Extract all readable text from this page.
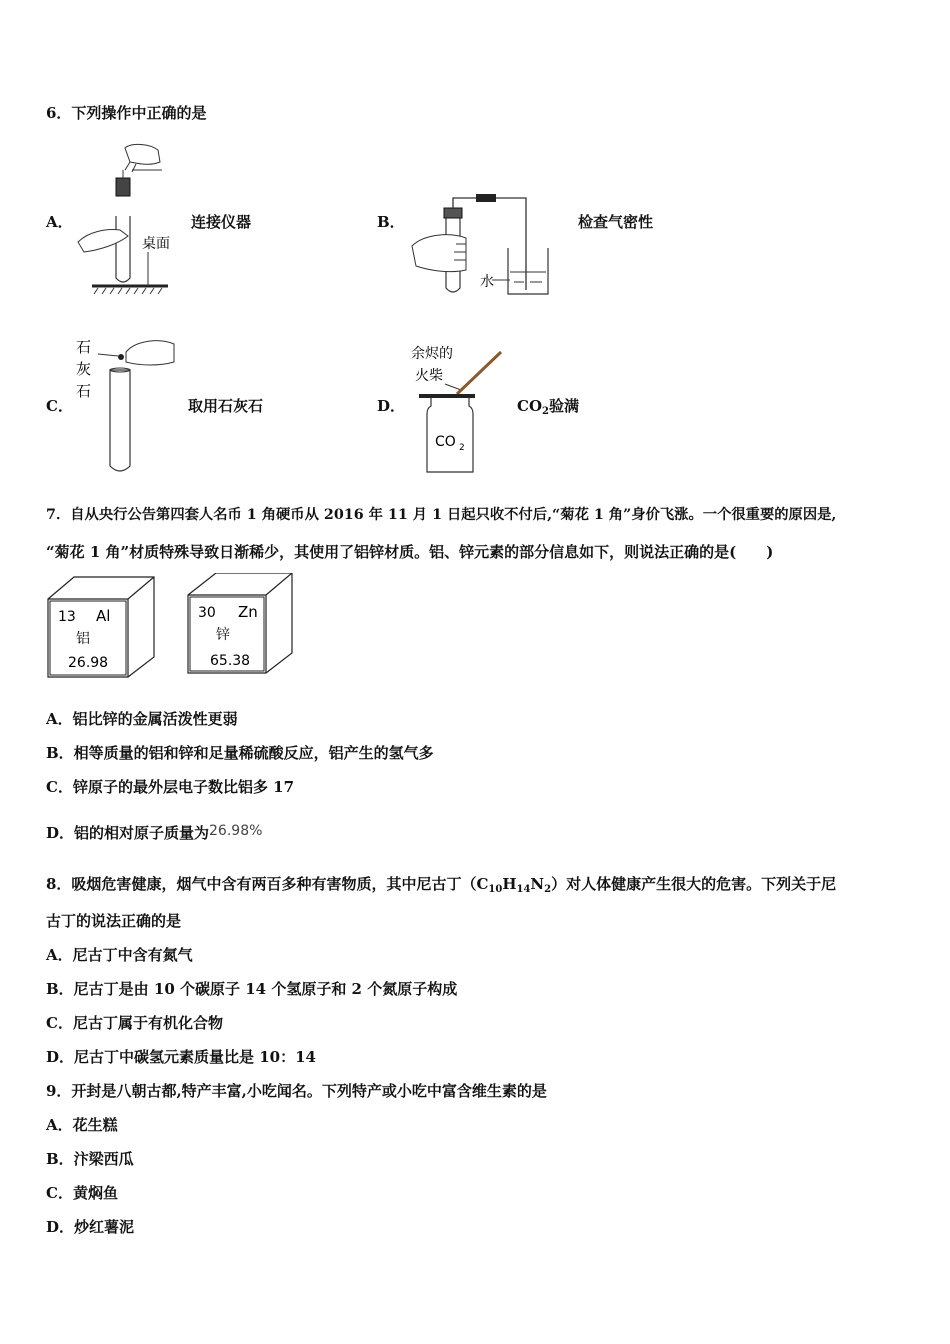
6．下列操作中正确的是
A．
桌面
连接仪器	B．
水
检查气密性
C．
石
灰
石
取用石灰石	D．
余烬的
火柴
CO 2
$CO_2$验满
7．自从央行公告第四套人名币 1 角硬币从 2016 年 11 月 1 日起只收不付后,“菊花 1 角”身价飞涨。一个很重要的原因是,
“菊花 1 角”材质特殊导致日渐稀少，其使用了铝锌材质。铝、锌元素的部分信息如下，则说法正确的是(　　)
13 Al
铝
26.98
30 Zn
锌
65.38
A．铝比锌的金属活泼性更弱
B．相等质量的铝和锌和足量稀硫酸反应，铝产生的氢气多
C．锌原子的最外层电子数比铝多 17
D．铝的相对原子质量为26.98%
8．吸烟危害健康，烟气中含有两百多种有害物质，其中尼古丁$(C_{10}H_{14}N_2)$对人体健康产生很大的危害。下列关于尼
古丁的说法正确的是
A．尼古丁中含有氮气
B．尼古丁是由 10 个碳原子 14 个氢原子和 2 个氮原子构成
C．尼古丁属于有机化合物
D．尼古丁中碳氢元素质量比是 10：14
9．开封是八朝古都,特产丰富,小吃闻名。下列特产或小吃中富含维生素的是
A．花生糕
B．汴梁西瓜
C．黄焖鱼
D．炒红薯泥
